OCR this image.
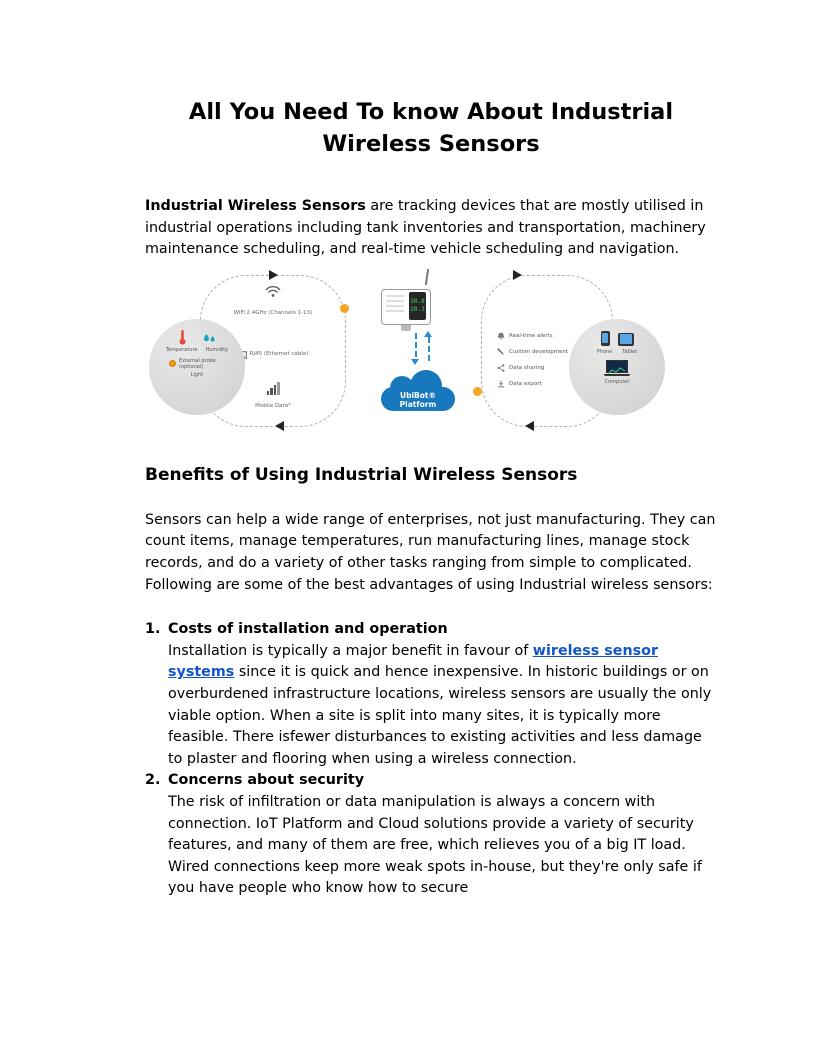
All You Need To know About Industrial
Wireless Sensors

Industrial Wireless Sensors are tracking devices that are mostly utilised in industrial operations including tank inventories and transportation, machinery maintenance scheduling, and real-time vehicle scheduling and navigation.

WiFi 2.4GHz (Channels 1-13)
RJ45 (Ethernet cable)
Mobile Data*
Real-time alerts
Custom development
Data sharing
Data export
Temperature Humidity
External probe (optional)
Light
Phone Tablet
Computer
30.8
20.3
UbiBot®
Platform
Benefits of Using Industrial Wireless Sensors

Sensors can help a wide range of enterprises, not just manufacturing. They can count items, manage temperatures, run manufacturing lines, manage stock records, and do a variety of other tasks ranging from simple to complicated. Following are some of the best advantages of using Industrial wireless sensors:

1. Costs of installation and operation
Installation is typically a major benefit in favour of wireless sensor systems since it is quick and hence inexpensive. In historic buildings or on overburdened infrastructure locations, wireless sensors are usually the only viable option. When a site is split into many sites, it is typically more feasible. There isfewer disturbances to existing activities and less damage to plaster and flooring when using a wireless connection.
2. Concerns about security
The risk of infiltration or data manipulation is always a concern with connection. IoT Platform and Cloud solutions provide a variety of security features, and many of them are free, which relieves you of a big IT load. Wired connections keep more weak spots in-house, but they're only safe if you have people who know how to secure
